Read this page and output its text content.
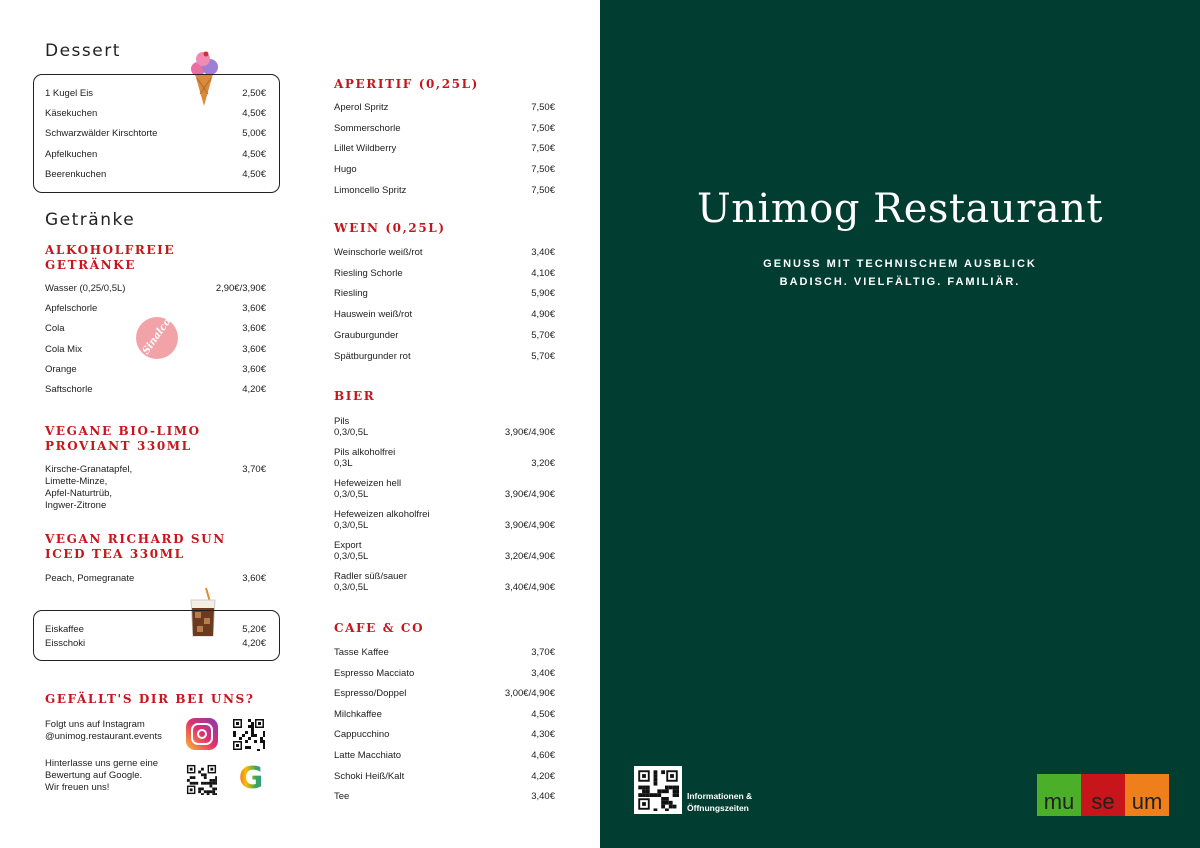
Dessert
1 Kugel Eis	2,50€
Käsekuchen	4,50€
Schwarzwälder Kirschtorte	5,00€
Apfelkuchen	4,50€
Beerenkuchen	4,50€
Getränke
ALKOHOLFREIE
GETRÄNKE
Wasser (0,25/0,5L)	2,90€/3,90€
Apfelschorle	3,60€
Cola	3,60€
Cola Mix	3,60€
Orange	3,60€
Saftschorle	4,20€
Sinalco
VEGANE BIO-LIMO
PROVIANT 330ML
Kirsche-Granatapfel,
Limette-Minze,
Apfel-Naturtrüb,
Ingwer-Zitrone
3,70€
VEGAN RICHARD SUN
ICED TEA 330ML
Peach, Pomegranate	3,60€
Eiskaffee	5,20€
Eisschoki	4,20€
GEFÄLLT'S DIR BEI UNS?
Folgt uns auf Instagram
@unimog.restaurant.events
Hinterlasse uns gerne eine
Bewertung auf Google.
Wir freuen uns!	G
APERITIF (0,25L)
Aperol Spritz	7,50€
Sommerschorle	7,50€
Lillet Wildberry	7,50€
Hugo	7,50€
Limoncello Spritz	7,50€
WEIN (0,25L)
Weinschorle weiß/rot	3,40€
Riesling Schorle	4,10€
Riesling	5,90€
Hauswein weiß/rot	4,90€
Grauburgunder	5,70€
Spätburgunder rot	5,70€
BIER
Pils
0,3/0,5L	3,90€/4,90€
Pils alkoholfrei
0,3L	3,20€
Hefeweizen hell
0,3/0,5L	3,90€/4,90€
Hefeweizen alkoholfrei
0,3/0,5L	3,90€/4,90€
Export
0,3/0,5L	3,20€/4,90€
Radler süß/sauer
0,3/0,5L	3,40€/4,90€
CAFE & CO
Tasse Kaffee	3,70€
Espresso Macciato	3,40€
Espresso/Doppel	3,00€/4,90€
Milchkaffee	4,50€
Cappucchino	4,30€
Latte Macchiato	4,60€
Schoki Heiß/Kalt	4,20€
Tee	3,40€
Unimog Restaurant
GENUSS MIT TECHNISCHEM AUSBLICK
BADISCH. VIELFÄLTIG. FAMILIÄR.
Informationen &
Öffnungszeiten	mu se um
